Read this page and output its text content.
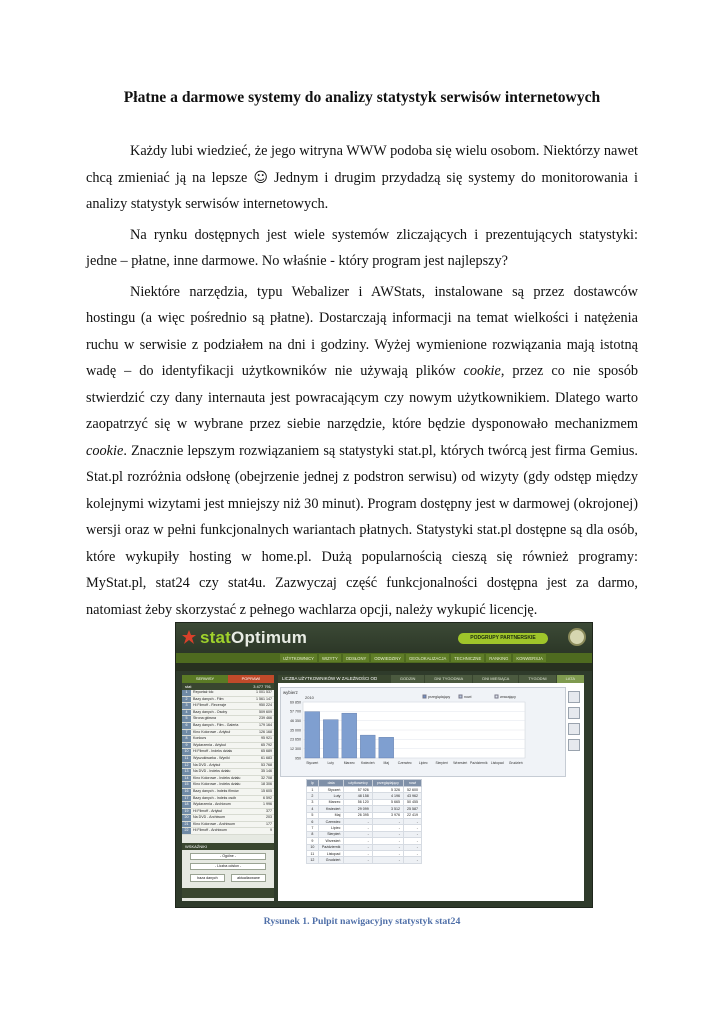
Płatne a darmowe systemy do analizy statystyk serwisów internetowych

Każdy lubi wiedzieć, że jego witryna WWW podoba się wielu osobom. Niektórzy nawet chcą zmieniać ją na lepsze ☺ Jednym i drugim przydadzą się systemy do monitorowania i analizy statystyk serwisów internetowych.

Na rynku dostępnych jest wiele systemów zliczających i prezentujących statystyki: jedne – płatne, inne darmowe. No właśnie - który program jest najlepszy?

Niektóre narzędzia, typu Webalizer i AWStats, instalowane są przez dostawców hostingu (a więc pośrednio są płatne). Dostarczają informacji na temat wielkości i natężenia ruchu w serwisie z podziałem na dni i godziny. Wyżej wymienione rozwiązania mają istotną wadę – do identyfikacji użytkowników nie używają plików cookie, przez co nie sposób stwierdzić czy dany internauta jest powracającym czy nowym użytkownikiem. Dlatego warto zaopatrzyć się w wybrane przez siebie narzędzie, które będzie dysponowało mechanizmem cookie. Znacznie lepszym rozwiązaniem są statystyki stat.pl, których twórcą jest firma Gemius. Stat.pl rozróżnia odsłonę (obejrzenie jednej z podstron serwisu) od wizyty (gdy odstęp między kolejnymi wizytami jest mniejszy niż 30 minut). Program dostępny jest w darmowej (okrojonej) wersji oraz w pełni funkcjonalnych wariantach płatnych. Statystyki stat.pl dostępne są dla osób, które wykupiły hosting w home.pl. Dużą popularnością cieszą się również programy: MyStat.pl, stat24 czy stat4u. Zazwyczaj część funkcjonalności dostępna jest za darmo, natomiast żeby skorzystać z pełnego wachlarza opcji, należy wykupić licencję.

statOptimum	PODGRUPY PARTNERSKIE
UŻYTKOWNICY	WIZYTY	ODSŁONY	ODWIEDZINY	GEOLOKALIZACJA	TECHNICZNE	RANKING	KONWERSJA
SERWISY	POPRAWI
stat	3 477 791
1	Reportaż tdc	1 001 537
2	Bazy danych - Film	1 561 147
3	Hi Filmoff - Recenzje	950 224
4	Bazy danych - Osoby	509 609
5	Strona główna	239 466
6	Bazy danych - Film - Galeria	179 164
7	Kino Kolorowe - Artykuł	126 168
8	Konkurs	95 921
9	Wydarzenia - Artykuł	65 792
10	Hi Filmoff - Indeks działu	65 689
11	Wyszukiwarka - Wyniki	61 683
12	Na DVD - Artykuł	53 768
13	Na DVD - Indeks działu	35 146
14	Kino Kolorowe - Indeks działu	32 708
15	Kino Kolorowe - Indeks działu	18 306
16	Bazy danych - Indeks filmów	15 605
17	Bazy danych - Indeks osób	6 592
18	Wydarzenia - Archiwum	1 996
19	Hi Filmoff - Artykuł	377
20	Na DVD - Archiwum	203
21	Kino Kolorowe - Archiwum	177
22	Hi Filmoff - Archiwum	9
WSKAŹNIKI
- Ogólne -
- Liczba odsłon -
baza danych	aktualizowane
LICZBA UŻYTKOWNIKÓW W ZALEŻNOŚCI OD	GODZIN	DNI TYGODNIA	DNI MIESIĄCA	TYGODNI	LATA
wybierz
2010	przeglądający	nowi	wracający
69 850
57 700
46 350
35 000
23 650
12 300
950
Styczeń	Luty	Marzec Kwiecień	Maj	Czerwiec Lipiec Sierpień Wrzesień Październik Listopad Grudzień
lp	data	użytkownicy	przeglądający	nowi
1	Styczeń	57 926	5 326	52 600
2	Luty	48 158	4 196	43 962
3	Marzec	56 120	5 665	50 455
4	Kwiecień	29 099	3 512	25 587
5	Maj	26 395	3 976	22 419
6	Czerwiec	-	-	-
7	Lipiec	-	-	-
8	Sierpień	-	-	-
9	Wrzesień	-	-	-
10	Październik	-	-	-
11	Listopad	-	-	-
12	Grudzień	-	-	-
Rysunek 1. Pulpit nawigacyjny statystyk stat24
